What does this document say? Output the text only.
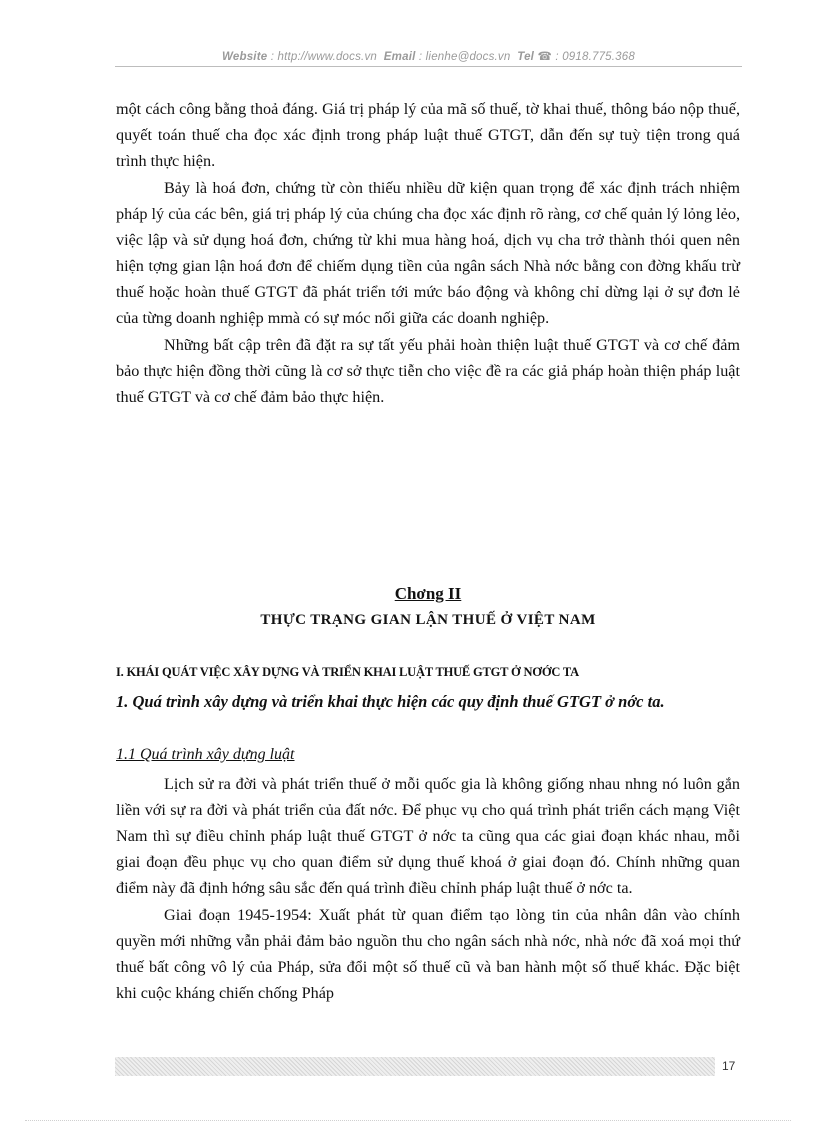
Website : http://www.docs.vn Email : lienhe@docs.vn Tel ☎ : 0918.775.368

một cách công bằng thoả đáng. Giá trị pháp lý của mã số thuế, tờ khai thuế, thông báo nộp thuế, quyết toán thuế cha đọc xác định trong pháp luật thuế GTGT, dẫn đến sự tuỳ tiện trong quá trình thực hiện.

Bảy là hoá đơn, chứng từ còn thiếu nhiều dữ kiện quan trọng để xác định trách nhiệm pháp lý của các bên, giá trị pháp lý của chúng cha đọc xác định rõ ràng, cơ chế quản lý lỏng lẻo, việc lập và sử dụng hoá đơn, chứng từ khi mua hàng hoá, dịch vụ cha trở thành thói quen nên hiện tợng gian lận hoá đơn để chiếm dụng tiền của ngân sách Nhà nớc bằng con đờng khấu trừ thuế hoặc hoàn thuế GTGT đã phát triển tới mức báo động và không chỉ dừng lại ở sự đơn lẻ của từng doanh nghiệp mmà có sự móc nối giữa các doanh nghiệp.

Những bất cập trên đã đặt ra sự tất yếu phải hoàn thiện luật thuế GTGT và cơ chế đảm bảo thực hiện đồng thời cũng là cơ sở thực tiễn cho việc đề ra các giả pháp hoàn thiện pháp luật thuế GTGT và cơ chế đảm bảo thực hiện.

Chơng II
THỰC TRẠNG GIAN LẬN THUẾ Ở VIỆT NAM
I. KHÁI QUÁT VIỆC XÂY DỰNG VÀ TRIỂN KHAI LUẬT THUẾ GTGT Ở NƠỚC TA
1. Quá trình xây dựng và triển khai thực hiện các quy định thuế GTGT ở nớc ta.
1.1 Quá trình xây dựng luật

Lịch sử ra đời và phát triển thuế ở mỗi quốc gia là không giống nhau nhng nó luôn gắn liền với sự ra đời và phát triển của đất nớc. Để phục vụ cho quá trình phát triển cách mạng Việt Nam thì sự điều chỉnh pháp luật thuế GTGT ở nớc ta cũng qua các giai đoạn khác nhau, mỗi giai đoạn đều phục vụ cho quan điểm sử dụng thuế khoá ở giai đoạn đó. Chính những quan điểm này đã định hớng sâu sắc đến quá trình điều chỉnh pháp luật thuế ở nớc ta.

Giai đoạn 1945-1954: Xuất phát từ quan điểm tạo lòng tin của nhân dân vào chính quyền mới những vẫn phải đảm bảo nguồn thu cho ngân sách nhà nớc, nhà nớc đã xoá mọi thứ thuế bất công vô lý của Pháp, sửa đổi một số thuế cũ và ban hành một số thuế khác. Đặc biệt khi cuộc kháng chiến chống Pháp

17
